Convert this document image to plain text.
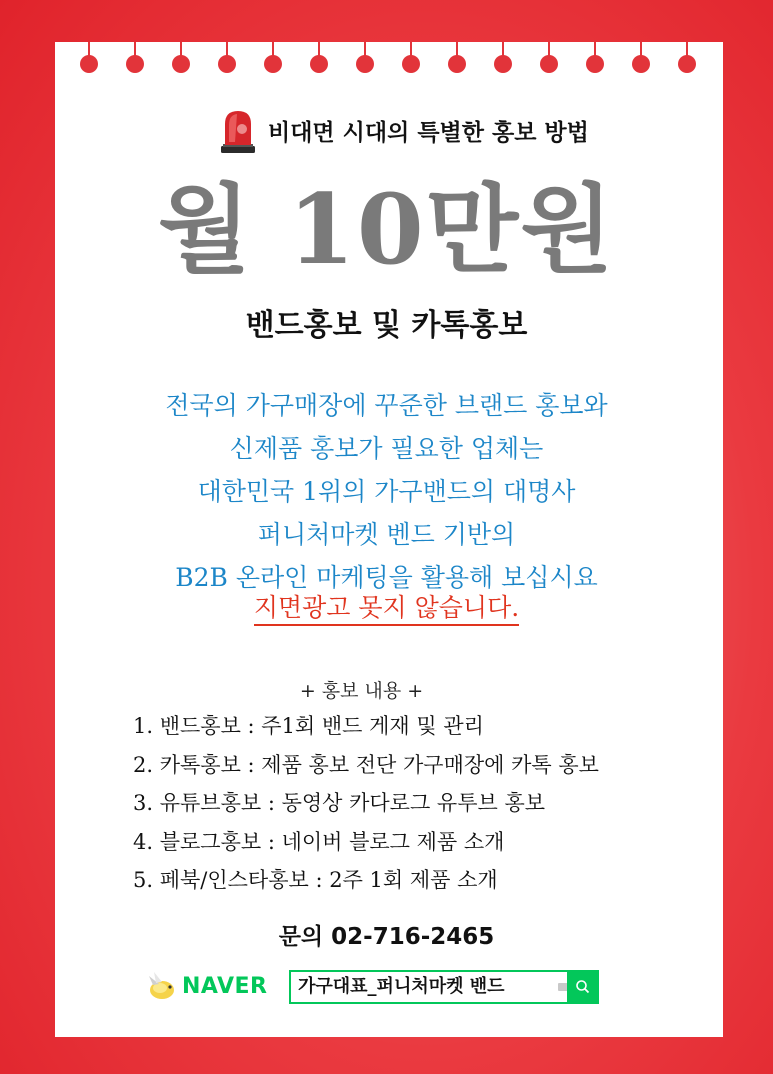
비대면 시대의 특별한 홍보 방법
월 10만원
밴드홍보 및 카톡홍보
전국의 가구매장에 꾸준한 브랜드 홍보와
신제품 홍보가 필요한 업체는
대한민국 1위의 가구밴드의 대명사
퍼니처마켓 벤드 기반의
B2B 온라인 마케팅을 활용해 보십시요
지면광고 못지 않습니다.
+ 홍보 내용 +
1. 밴드홍보 : 주1회 밴드 게재 및 관리
2. 카톡홍보 : 제품 홍보 전단 가구매장에 카톡 홍보
3. 유튜브홍보 : 동영상 카다로그 유투브 홍보
4. 블로그홍보 : 네이버 블로그 제품 소개
5. 페북/인스타홍보 : 2주 1회 제품 소개
문의 02-716-2465
NAVER 가구대표_퍼니처마켓 밴드
